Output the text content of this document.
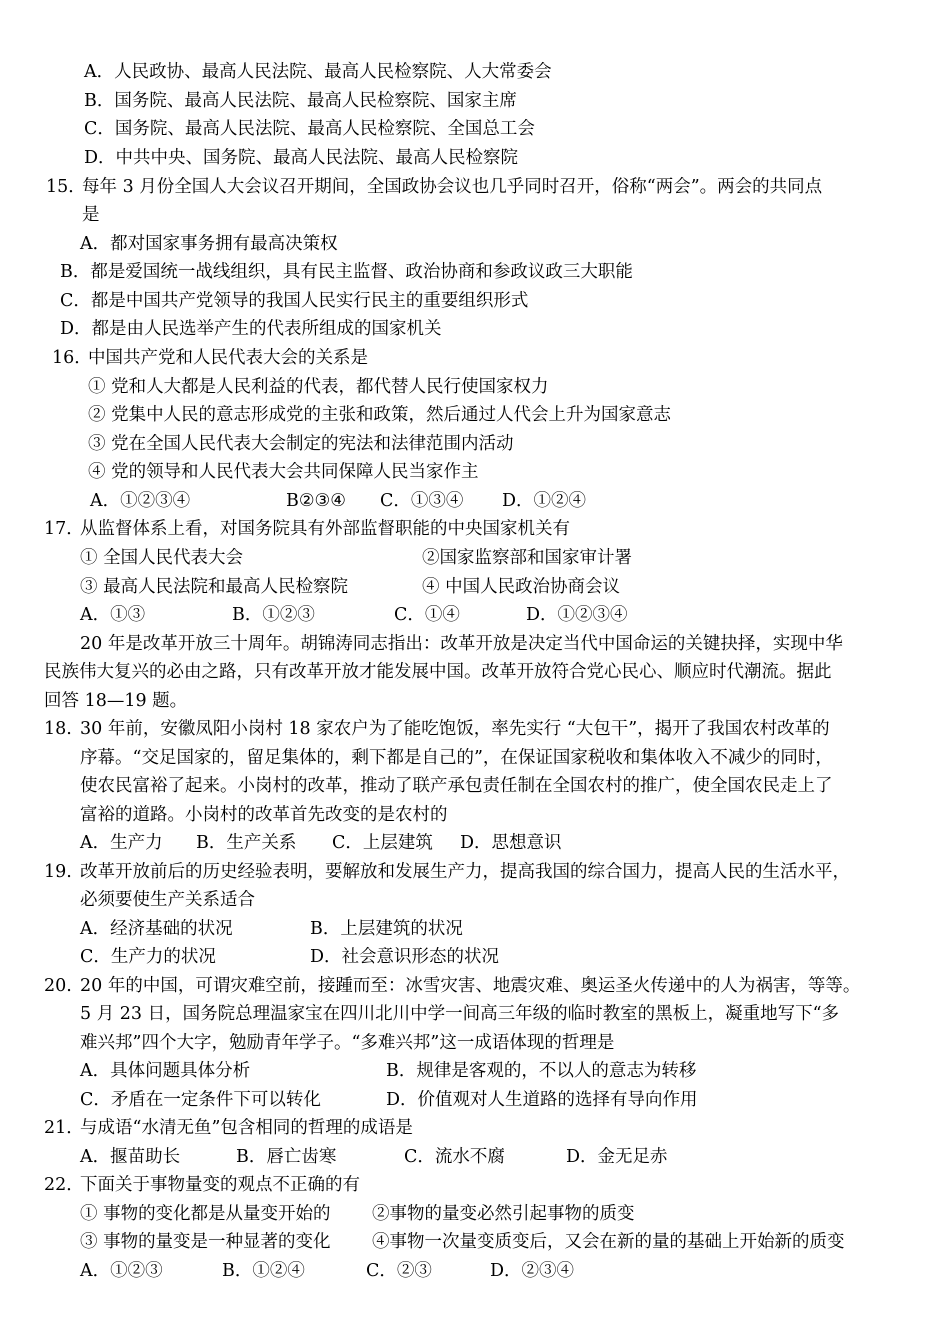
A．人民政协、最高人民法院、最高人民检察院、人大常委会
B．国务院、最高人民法院、最高人民检察院、国家主席
C．国务院、最高人民法院、最高人民检察院、全国总工会
D．中共中央、国务院、最高人民法院、最高人民检察院
15．
每年 3 月份全国人大会议召开期间，全国政协会议也几乎同时召开，俗称“两会”。两会的共同点
是
A．都对国家事务拥有最高决策权
B．都是爱国统一战线组织，具有民主监督、政治协商和参政议政三大职能
C．都是中国共产党领导的我国人民实行民主的重要组织形式
D．都是由人民选举产生的代表所组成的国家机关
16．
中国共产党和人民代表大会的关系是
① 党和人大都是人民利益的代表，都代替人民行使国家权力
② 党集中人民的意志形成党的主张和政策，然后通过人代会上升为国家意志
③ 党在全国人民代表大会制定的宪法和法律范围内活动
④ 党的领导和人民代表大会共同保障人民当家作主
A．①②③④	B②③④ C．①③④ D．①②④
17．
从监督体系上看，对国务院具有外部监督职能的中央国家机关有
① 全国人民代表大会	②国家监察部和国家审计署
③ 最高人民法院和最高人民检察院	④ 中国人民政治协商会议
A．①③	B．①②③	C．①④	D．①②③④
20 年是改革开放三十周年。胡锦涛同志指出：改革开放是决定当代中国命运的关键抉择，实现中华
民族伟大复兴的必由之路，只有改革开放才能发展中国。改革开放符合党心民心、顺应时代潮流。据此
回答 18—19 题。
18. 30 年前，安徽凤阳小岗村 18 家农户为了能吃饱饭，率先实行 “大包干”，揭开了我国农村改革的
序幕。“交足国家的，留足集体的，剩下都是自己的”，在保证国家税收和集体收入不减少的同时，
使农民富裕了起来。小岗村的改革，推动了联产承包责任制在全国农村的推广，使全国农民走上了
富裕的道路。小岗村的改革首先改变的是农村的
A．生产力 B．生产关系 C．上层建筑 D．思想意识
19. 改革开放前后的历史经验表明，要解放和发展生产力，提高我国的综合国力，提高人民的生活水平，
必须要使生产关系适合
A．经济基础的状况	B．上层建筑的状况
C．生产力的状况	D．社会意识形态的状况
20. 20 年的中国，可谓灾难空前，接踵而至：冰雪灾害、地震灾难、奥运圣火传递中的人为祸害，等等。
5 月 23 日，国务院总理温家宝在四川北川中学一间高三年级的临时教室的黑板上，凝重地写下“多
难兴邦”四个大字，勉励青年学子。“多难兴邦”这一成语体现的哲理是
A．具体问题具体分析	B．规律是客观的，不以人的意志为转移
C．矛盾在一定条件下可以转化	D．价值观对人生道路的选择有导向作用
21．
与成语“水清无鱼”包含相同的哲理的成语是
A．揠苗助长	B．唇亡齿寒	C．流水不腐	D．金无足赤
22．
下面关于事物量变的观点不正确的有
① 事物的变化都是从量变开始的 ②事物的量变必然引起事物的质变
③ 事物的量变是一种显著的变化 ④事物一次量变质变后，又会在新的量的基础上开始新的质变
A．①②③	B．①②④	C．②③	D．②③④
